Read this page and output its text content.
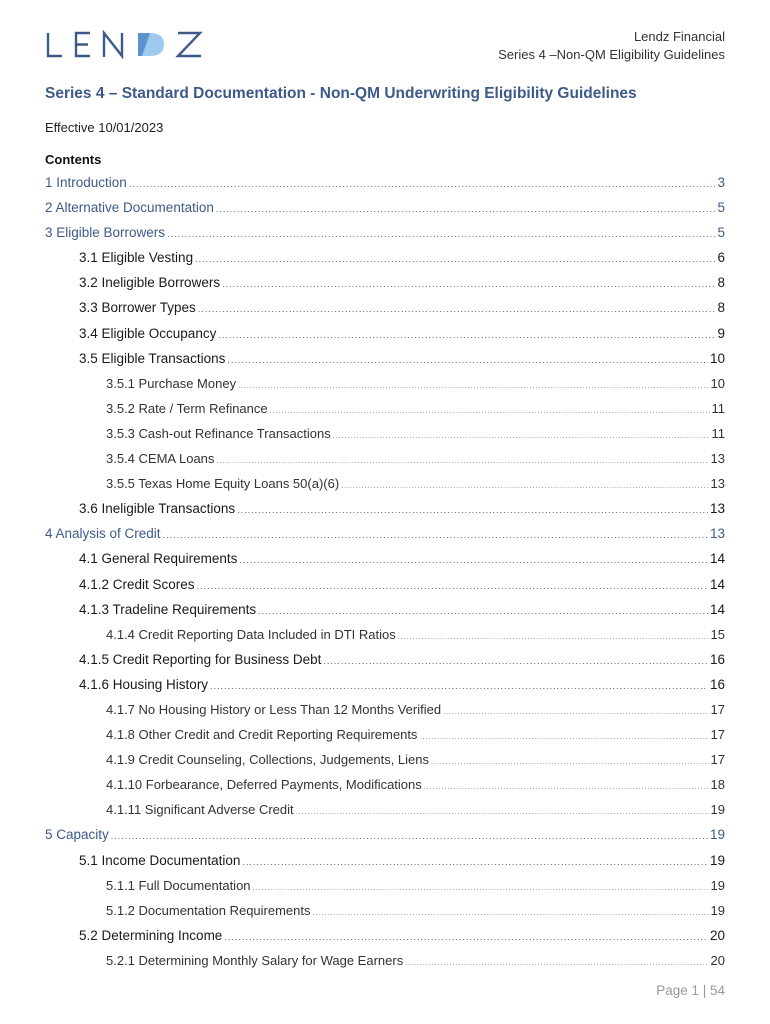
Lendz Financial
Series 4 –Non-QM Eligibility Guidelines
Series 4 – Standard Documentation - Non-QM Underwriting Eligibility Guidelines
Effective 10/01/2023
Contents
1 Introduction .....	3
2 Alternative Documentation .....	5
3 Eligible Borrowers .....	5
3.1 Eligible Vesting .....	6
3.2 Ineligible Borrowers .....	8
3.3 Borrower Types .....	8
3.4 Eligible Occupancy .....	9
3.5 Eligible Transactions .....	10
3.5.1 Purchase Money .....	10
3.5.2 Rate / Term Refinance .....	11
3.5.3 Cash-out Refinance Transactions .....	11
3.5.4 CEMA Loans .....	13
3.5.5 Texas Home Equity Loans 50(a)(6) .....	13
3.6 Ineligible Transactions .....	13
4 Analysis of Credit .....	13
4.1 General Requirements .....	14
4.1.2 Credit Scores .....	14
4.1.3 Tradeline Requirements .....	14
4.1.4 Credit Reporting Data Included in DTI Ratios .....	15
4.1.5 Credit Reporting for Business Debt .....	16
4.1.6 Housing History .....	16
4.1.7 No Housing History or Less Than 12 Months Verified .....	17
4.1.8 Other Credit and Credit Reporting Requirements .....	17
4.1.9 Credit Counseling, Collections, Judgements, Liens .....	17
4.1.10 Forbearance, Deferred Payments, Modifications .....	18
4.1.11 Significant Adverse Credit .....	19
5 Capacity .....	19
5.1 Income Documentation .....	19
5.1.1 Full Documentation .....	19
5.1.2 Documentation Requirements .....	19
5.2 Determining Income .....	20
5.2.1 Determining Monthly Salary for Wage Earners .....	20
Page 1 | 54
